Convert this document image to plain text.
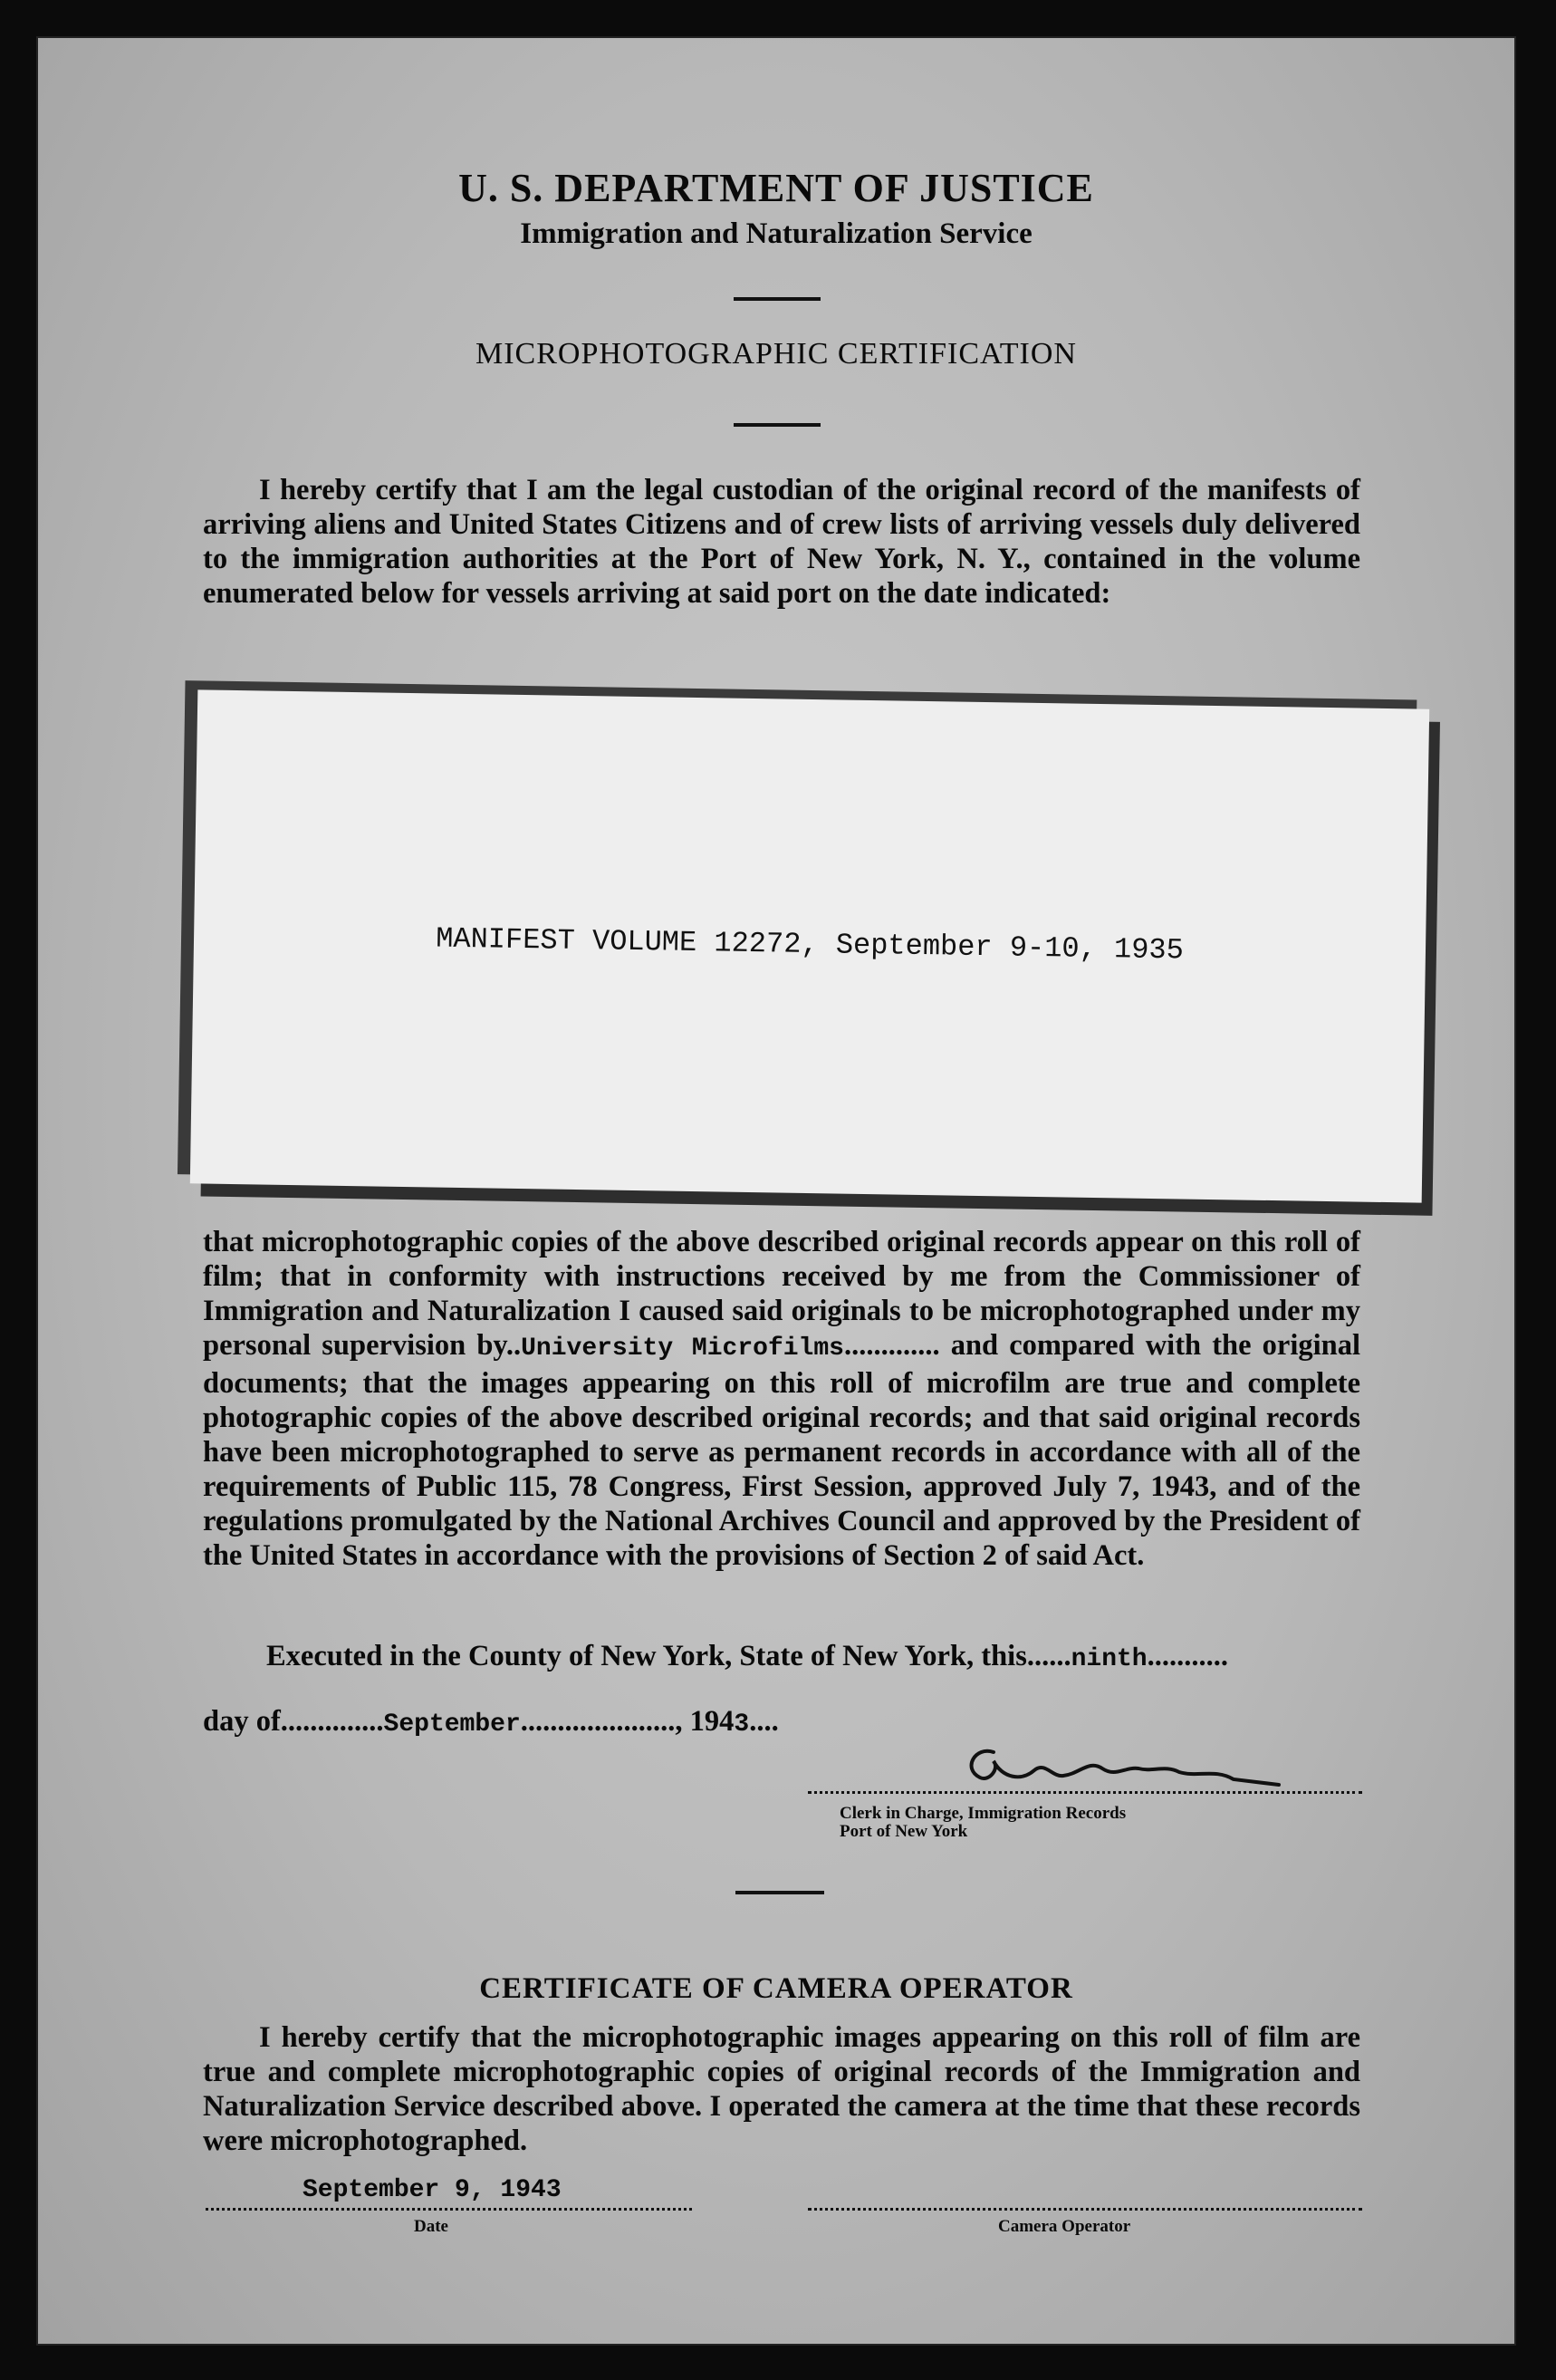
U. S. DEPARTMENT OF JUSTICE
Immigration and Naturalization Service
MICROPHOTOGRAPHIC CERTIFICATION
I hereby certify that I am the legal custodian of the original record of the manifests of arriving aliens and United States Citizens and of crew lists of arriving vessels duly delivered to the immigration authorities at the Port of New York, N. Y., contained in the volume enumerated below for vessels arriving at said port on the date indicated:
MANIFEST VOLUME 12272, September 9-10, 1935
that microphotographic copies of the above described original records appear on this roll of film; that in conformity with instructions received by me from the Commissioner of Immigration and Naturalization I caused said originals to be microphotographed under my personal supervision by..University Microfilms............. and compared with the original documents; that the images appearing on this roll of microfilm are true and complete photographic copies of the above described original records; and that said original records have been microphotographed to serve as permanent records in accordance with all of the requirements of Public 115, 78 Congress, First Session, approved July 7, 1943, and of the regulations promulgated by the National Archives Council and approved by the President of the United States in accordance with the provisions of Section 2 of said Act.
Executed in the County of New York, State of New York, this......ninth...........
day of..............September....................., 1943....
Clerk in Charge, Immigration Records
Port of New York
CERTIFICATE OF CAMERA OPERATOR
I hereby certify that the microphotographic images appearing on this roll of film are true and complete microphotographic copies of original records of the Immigration and Naturalization Service described above. I operated the camera at the time that these records were microphotographed.
September 9, 1943
Date	Camera Operator
